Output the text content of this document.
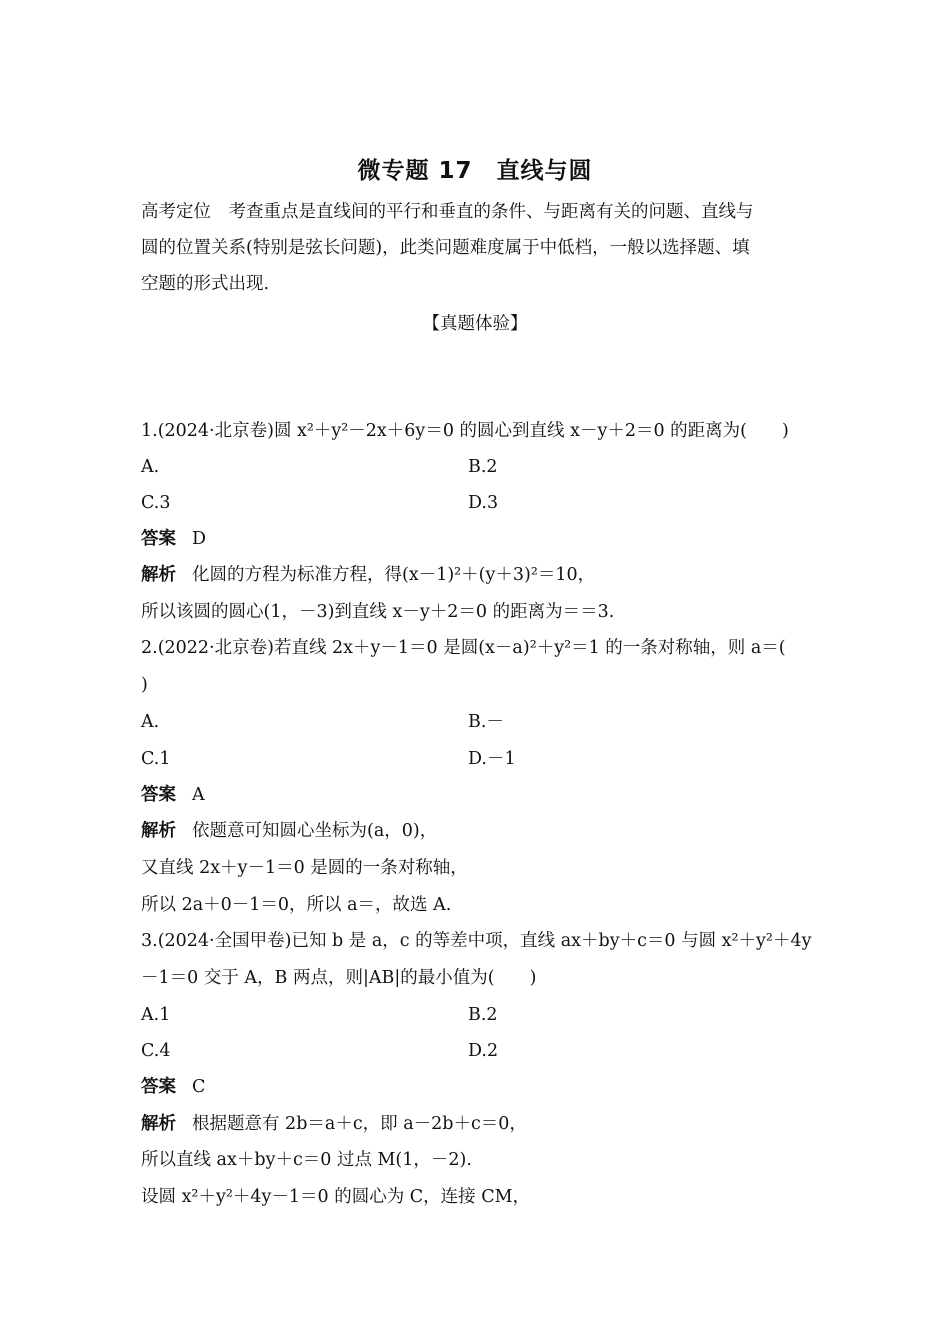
微专题 17　直线与圆
高考定位　考查重点是直线间的平行和垂直的条件、与距离有关的问题、直线与
圆的位置关系(特别是弦长问题)，此类问题难度属于中低档，一般以选择题、填
空题的形式出现.
【真题体验】
1.(2024·北京卷)圆 x²＋y²－2x＋6y＝0 的圆心到直线 x－y＋2＝0 的距离为(　　)
A.	B.2
C.3	D.3
答案 D
解析 化圆的方程为标准方程，得(x－1)²＋(y＋3)²＝10，
所以该圆的圆心(1，－3)到直线 x－y＋2＝0 的距离为＝＝3.
2.(2022·北京卷)若直线 2x＋y－1＝0 是圆(x－a)²＋y²＝1 的一条对称轴，则 a＝(
)
A.	B.－
C.1	D.－1
答案 A
解析 依题意可知圆心坐标为(a，0)，
又直线 2x＋y－1＝0 是圆的一条对称轴，
所以 2a＋0－1＝0，所以 a＝，故选 A.
3.(2024·全国甲卷)已知 b 是 a，c 的等差中项，直线 ax＋by＋c＝0 与圆 x²＋y²＋4y
－1＝0 交于 A，B 两点，则|AB|的最小值为(　　)
A.1	B.2
C.4	D.2
答案 C
解析 根据题意有 2b＝a＋c，即 a－2b＋c＝0，
所以直线 ax＋by＋c＝0 过点 M(1，－2).
设圆 x²＋y²＋4y－1＝0 的圆心为 C，连接 CM，
